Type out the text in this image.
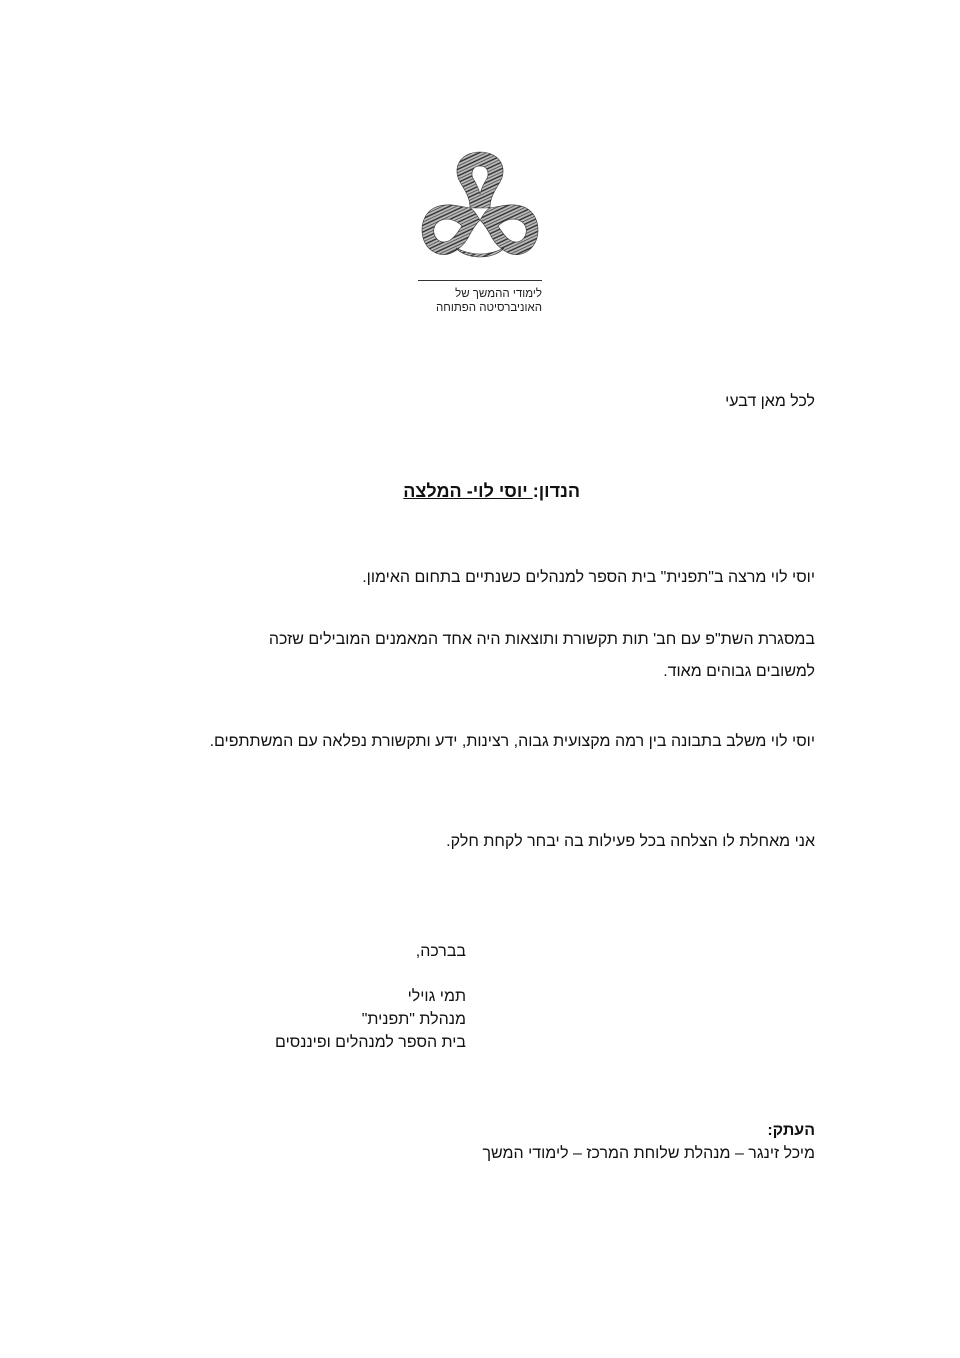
לימודי ההמשך של
האוניברסיטה הפתוחה
לכל מאן דבעי
הנדון: יוסי לוי- המלצה
יוסי לוי מרצה ב"תפנית" בית הספר למנהלים כשנתיים בתחום האימון.
במסגרת השת"פ עם חב' תות תקשורת ותוצאות היה אחד המאמנים המובילים שזכה למשובים גבוהים מאוד.
יוסי לוי משלב בתבונה בין רמה מקצועית גבוה, רצינות, ידע ותקשורת נפלאה עם המשתתפים.
אני מאחלת לו הצלחה בכל פעילות בה יבחר לקחת חלק.
בברכה,
תמי גוילי
מנהלת "תפנית"
בית הספר למנהלים ופיננסים
העתק:
מיכל זינגר – מנהלת שלוחת המרכז – לימודי המשך
